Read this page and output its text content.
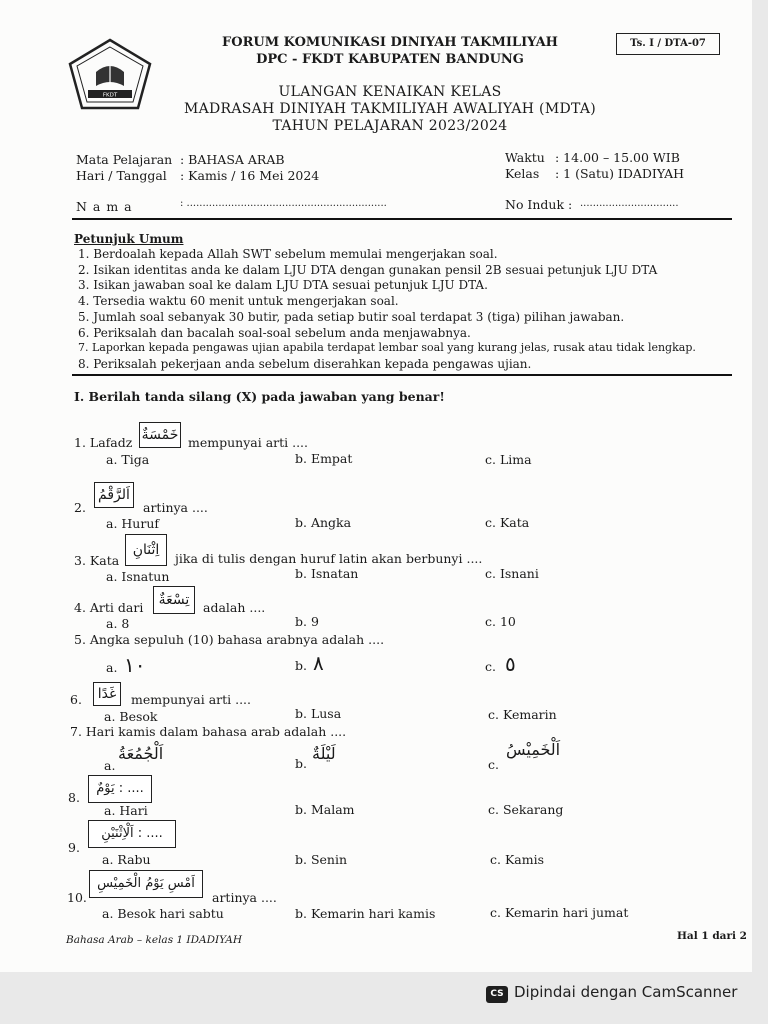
FKDT
FORUM KOMUNIKASI DINIYAH TAKMILIYAH
DPC - FKDT KABUPATEN BANDUNG
Ts. I / DTA-07
ULANGAN KENAIKAN KELAS
MADRASAH DINIYAH TAKMILIYAH AWALIYAH (MDTA)
TAHUN PELAJARAN 2023/2024
Mata Pelajaran : BAHASA ARAB
Hari / Tanggal : Kamis / 16 Mei 2024
Waktu : 14.00 – 15.00 WIB
Kelas : 1 (Satu) IDADIYAH
N a m a	: ...............................................................	No Induk : ...............................
Petunjuk Umum
1. Berdoalah kepada Allah SWT sebelum memulai mengerjakan soal.
2. Isikan identitas anda ke dalam LJU DTA dengan gunakan pensil 2B sesuai petunjuk LJU DTA
3. Isikan jawaban soal ke dalam LJU DTA sesuai petunjuk LJU DTA.
4. Tersedia waktu 60 menit untuk mengerjakan soal.
5. Jumlah soal sebanyak 30 butir, pada setiap butir soal terdapat 3 (tiga) pilihan jawaban.
6. Periksalah dan bacalah soal-soal sebelum anda menjawabnya.
7. Laporkan kepada pengawas ujian apabila terdapat lembar soal yang kurang jelas, rusak atau tidak lengkap.
8. Periksalah pekerjaan anda sebelum diserahkan kepada pengawas ujian.
I. Berilah tanda silang (X) pada jawaban yang benar!
1. Lafadz خَمْسَةٌ mempunyai arti ....
a. Tiga	b. Empat	c. Lima
2.
اَلرَّقْمُ
artinya ....
a. Huruf	b. Angka	c. Kata
3. Kata
اِثْنَانِ
jika di tulis dengan huruf latin akan berbunyi ....
a. Isnatun	b. Isnatan	c. Isnani
4. Arti dari	تِسْعَةٌ	adalah ....
a. 8	b. 9	c. 10
5. Angka sepuluh (10) bahasa arabnya adalah ....
a. ١٠	b. ٨	c. ٥
6.	غَدًا	mempunyai arti ....
a. Besok	b. Lusa	c. Kemarin
7. Hari kamis dalam bahasa arab adalah ....
a.
اَلْجُمُعَةُ
b.
لَيْلَةٌ
c.
اَلْخَمِيْسُ
8.
يَوْمٌ : ....
a. Hari	b. Malam	c. Sekarang
9.
اَلْاِثْنَيْنِ : ....
a. Rabu	b. Senin	c. Kamis
10.
اَمْسِ يَوْمُ الْخَمِيْسِ
artinya ....
a. Besok hari sabtu	b. Kemarin hari kamis	c. Kemarin hari jumat
Bahasa Arab – kelas 1 IDADIYAH	Hal 1 dari 2
CS Dipindai dengan CamScanner
